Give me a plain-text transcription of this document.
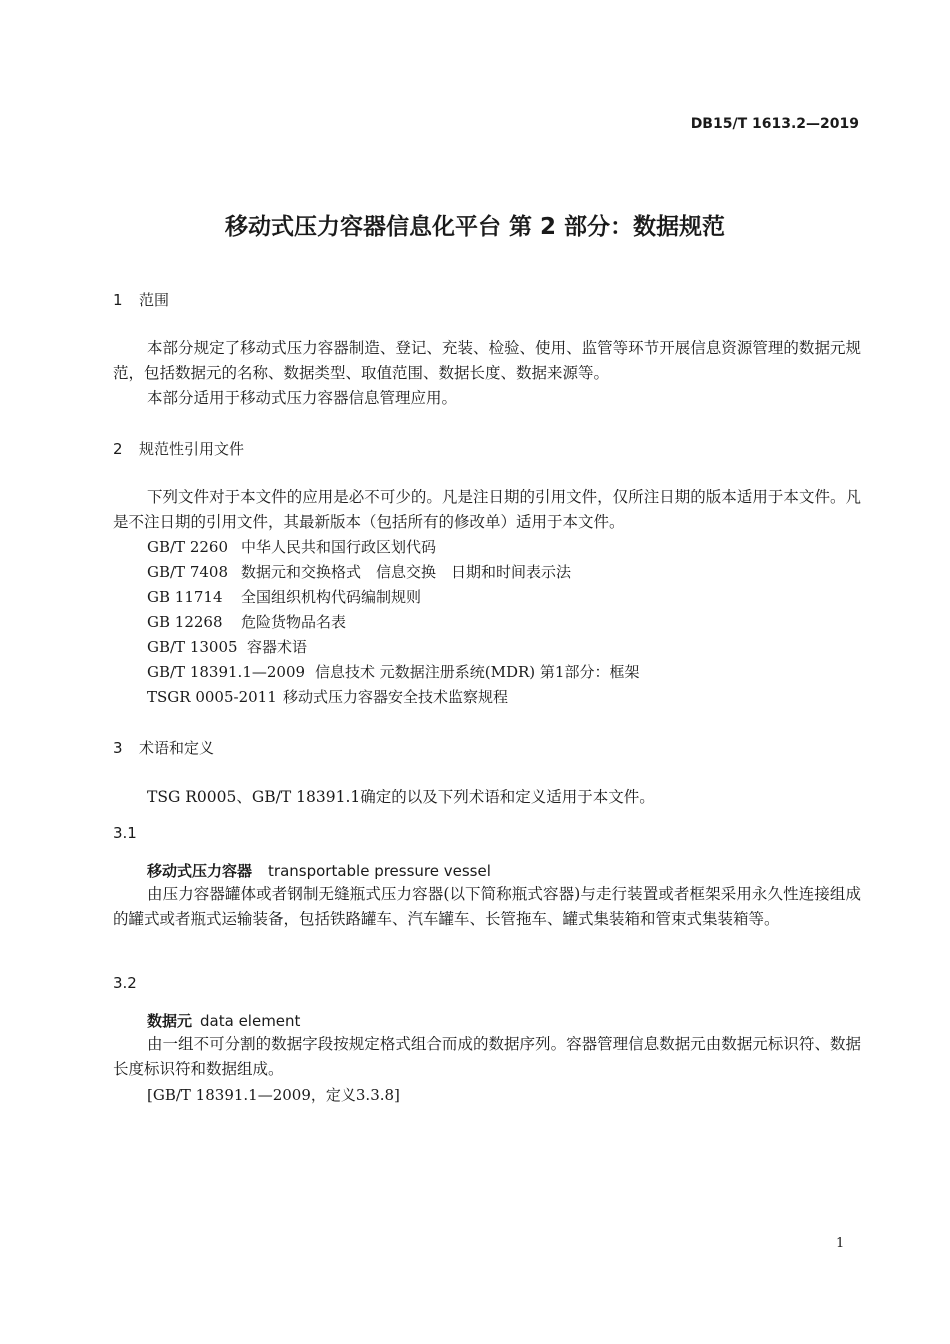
DB15/T 1613.2—2019
移动式压力容器信息化平台 第 2 部分：数据规范
1 范围
本部分规定了移动式压力容器制造、登记、充装、检验、使用、监管等环节开展信息资源管理的数据元规范，包括数据元的名称、数据类型、取值范围、数据长度、数据来源等。
本部分适用于移动式压力容器信息管理应用。
2 规范性引用文件
下列文件对于本文件的应用是必不可少的。凡是注日期的引用文件，仅所注日期的版本适用于本文件。凡是不注日期的引用文件，其最新版本（包括所有的修改单）适用于本文件。
GB/T 2260 中华人民共和国行政区划代码
GB/T 7408 数据元和交换格式　信息交换　日期和时间表示法
GB 11714 全国组织机构代码编制规则
GB 12268 危险货物品名表
GB/T 13005 容器术语
GB/T 18391.1—2009 信息技术 元数据注册系统(MDR) 第1部分：框架
TSGR 0005-2011 移动式压力容器安全技术监察规程
3 术语和定义
TSG R0005、GB/T 18391.1确定的以及下列术语和定义适用于本文件。
3.1
移动式压力容器 transportable pressure vessel
由压力容器罐体或者钢制无缝瓶式压力容器(以下简称瓶式容器)与走行装置或者框架采用永久性连接组成的罐式或者瓶式运输装备，包括铁路罐车、汽车罐车、长管拖车、罐式集装箱和管束式集装箱等。
3.2
数据元 data element
由一组不可分割的数据字段按规定格式组合而成的数据序列。容器管理信息数据元由数据元标识符、数据长度标识符和数据组成。
[GB/T 18391.1—2009，定义3.3.8]
1
